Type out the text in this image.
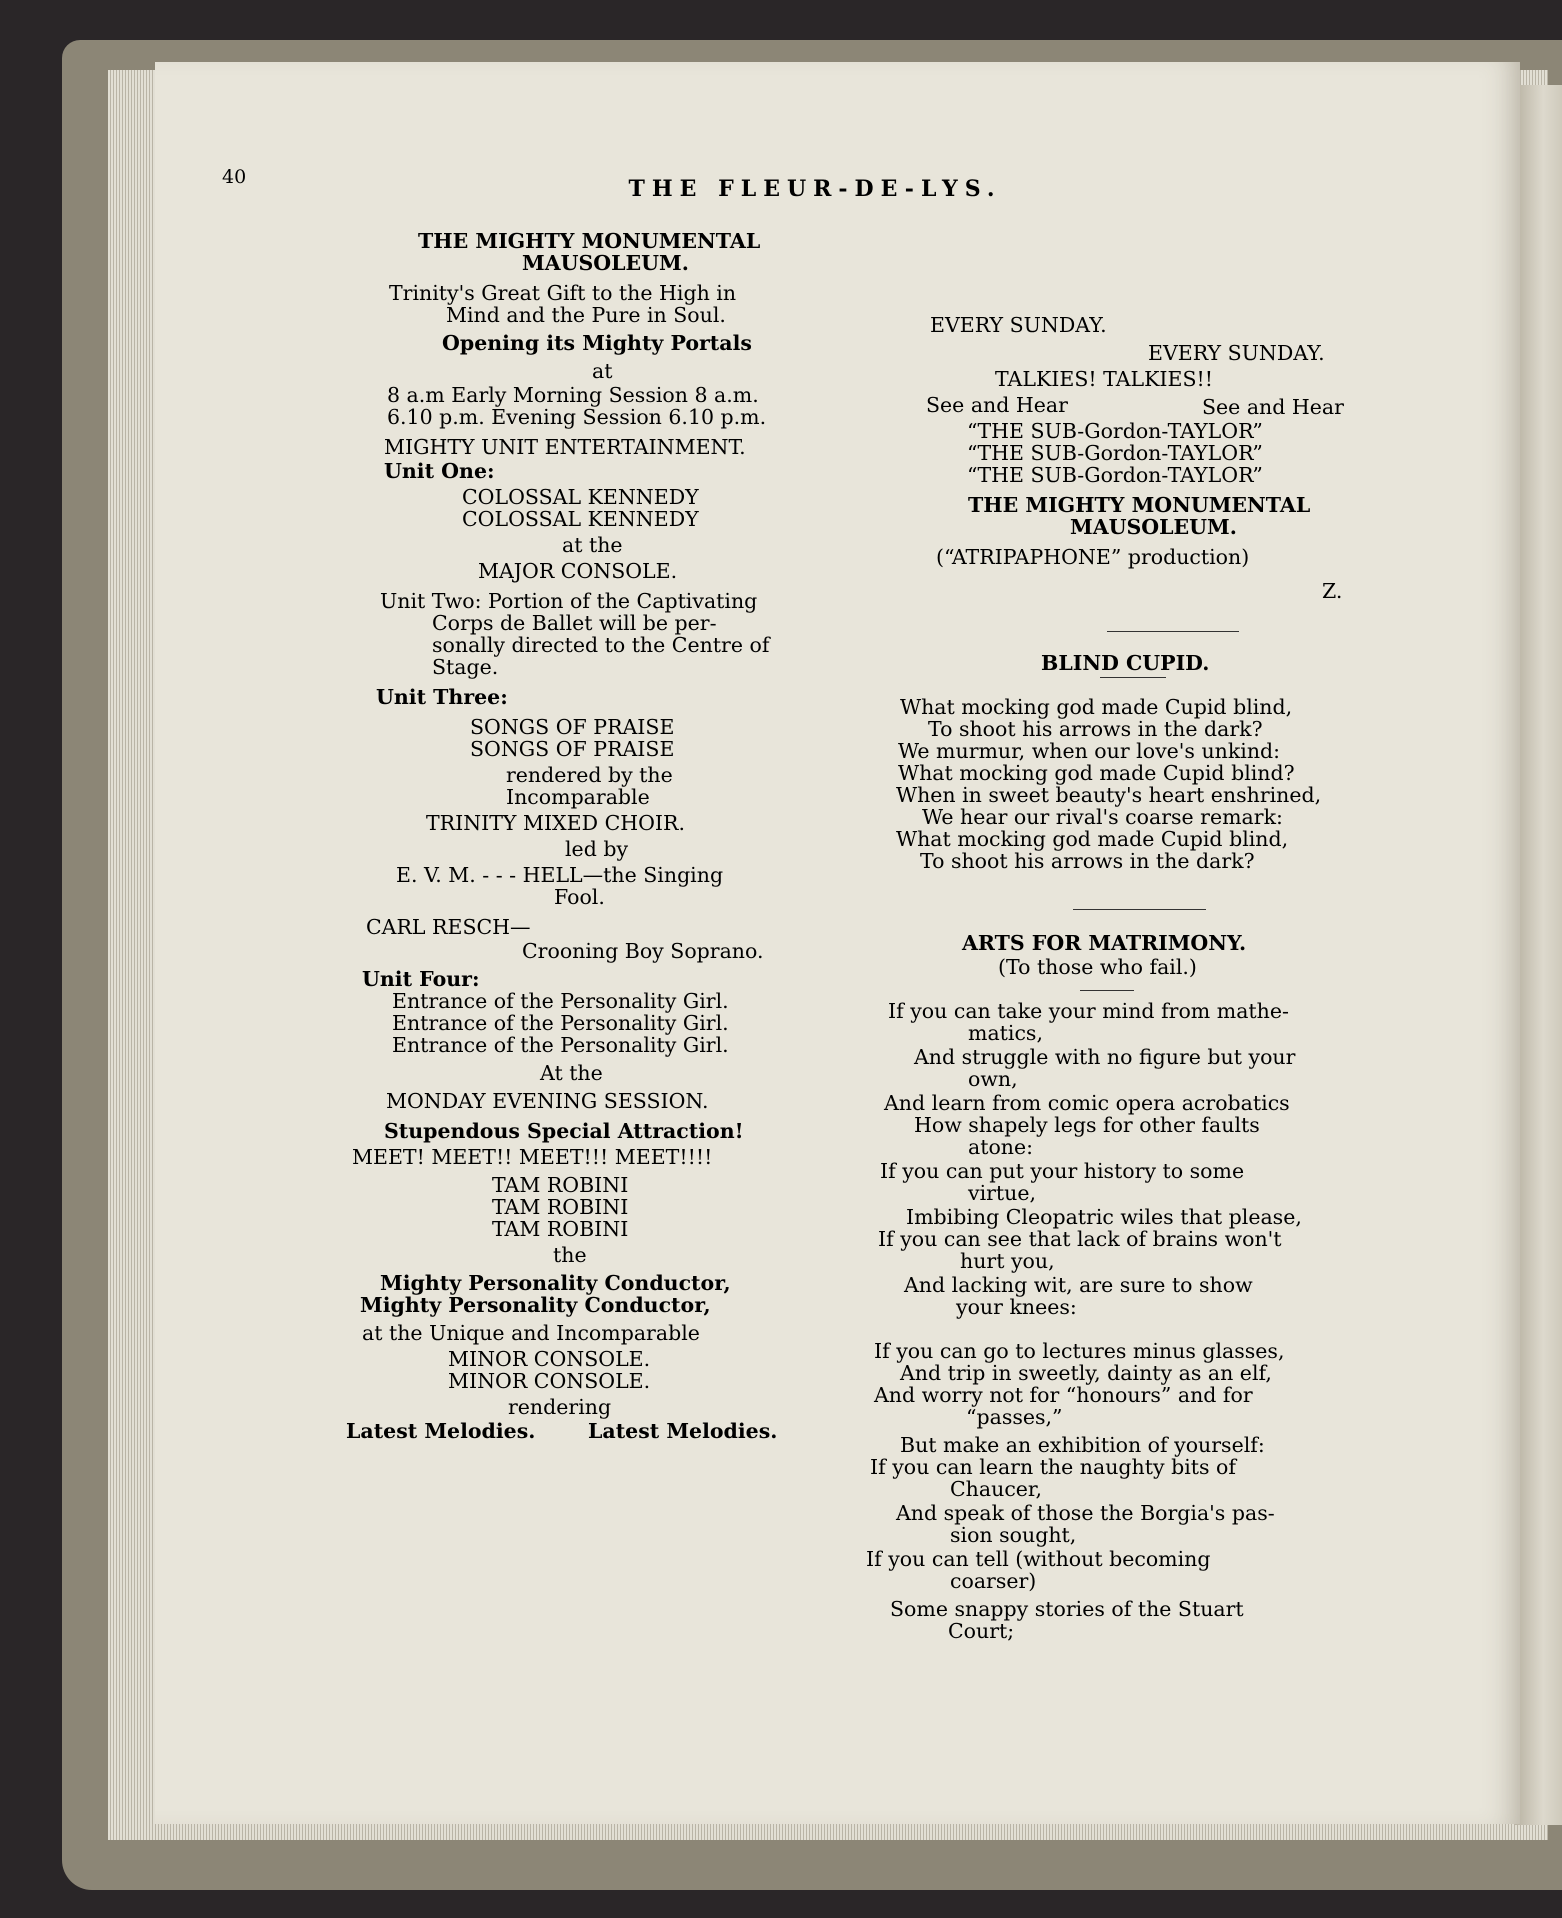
40	THE FLEUR-DE-LYS.
THE MIGHTY MONUMENTAL
MAUSOLEUM.
Trinity's Great Gift to the High in
Mind and the Pure in Soul.
Opening its Mighty Portals
at
8 a.m Early Morning Session 8 a.m.
6.10 p.m. Evening Session 6.10 p.m.
MIGHTY UNIT ENTERTAINMENT.
Unit One:
COLOSSAL KENNEDY
COLOSSAL KENNEDY
at the
MAJOR CONSOLE.
Unit Two: Portion of the Captivating
Corps de Ballet will be per-
sonally directed to the Centre of
Stage.
Unit Three:
SONGS OF PRAISE
SONGS OF PRAISE
rendered by the
Incomparable
TRINITY MIXED CHOIR.
led by
E. V. M. - - - HELL—the Singing
Fool.
CARL RESCH—
Crooning Boy Soprano.
Unit Four:
Entrance of the Personality Girl.
Entrance of the Personality Girl.
Entrance of the Personality Girl.
At the
MONDAY EVENING SESSION.
Stupendous Special Attraction!
MEET! MEET!! MEET!!! MEET!!!!
TAM ROBINI
TAM ROBINI
TAM ROBINI
the
Mighty Personality Conductor,
Mighty Personality Conductor,
at the Unique and Incomparable
MINOR CONSOLE.
MINOR CONSOLE.
rendering
Latest Melodies.	Latest Melodies.
EVERY SUNDAY.
EVERY SUNDAY.
TALKIES! TALKIES!!
See and Hear	See and Hear
“THE SUB-Gordon-TAYLOR”
“THE SUB-Gordon-TAYLOR”
“THE SUB-Gordon-TAYLOR”
THE MIGHTY MONUMENTAL
MAUSOLEUM.
(“ATRIPAPHONE” production)
Z.
BLIND CUPID.
What mocking god made Cupid blind,
To shoot his arrows in the dark?
We murmur, when our love's unkind:
What mocking god made Cupid blind?
When in sweet beauty's heart enshrined,
We hear our rival's coarse remark:
What mocking god made Cupid blind,
To shoot his arrows in the dark?
ARTS FOR MATRIMONY.
(To those who fail.)
If you can take your mind from mathe-
matics,
And struggle with no figure but your
own,
And learn from comic opera acrobatics
How shapely legs for other faults
atone:
If you can put your history to some
virtue,
Imbibing Cleopatric wiles that please,
If you can see that lack of brains won't
hurt you,
And lacking wit, are sure to show
your knees:
If you can go to lectures minus glasses,
And trip in sweetly, dainty as an elf,
And worry not for “honours” and for
“passes,”
But make an exhibition of yourself:
If you can learn the naughty bits of
Chaucer,
And speak of those the Borgia's pas-
sion sought,
If you can tell (without becoming
coarser)
Some snappy stories of the Stuart
Court;
